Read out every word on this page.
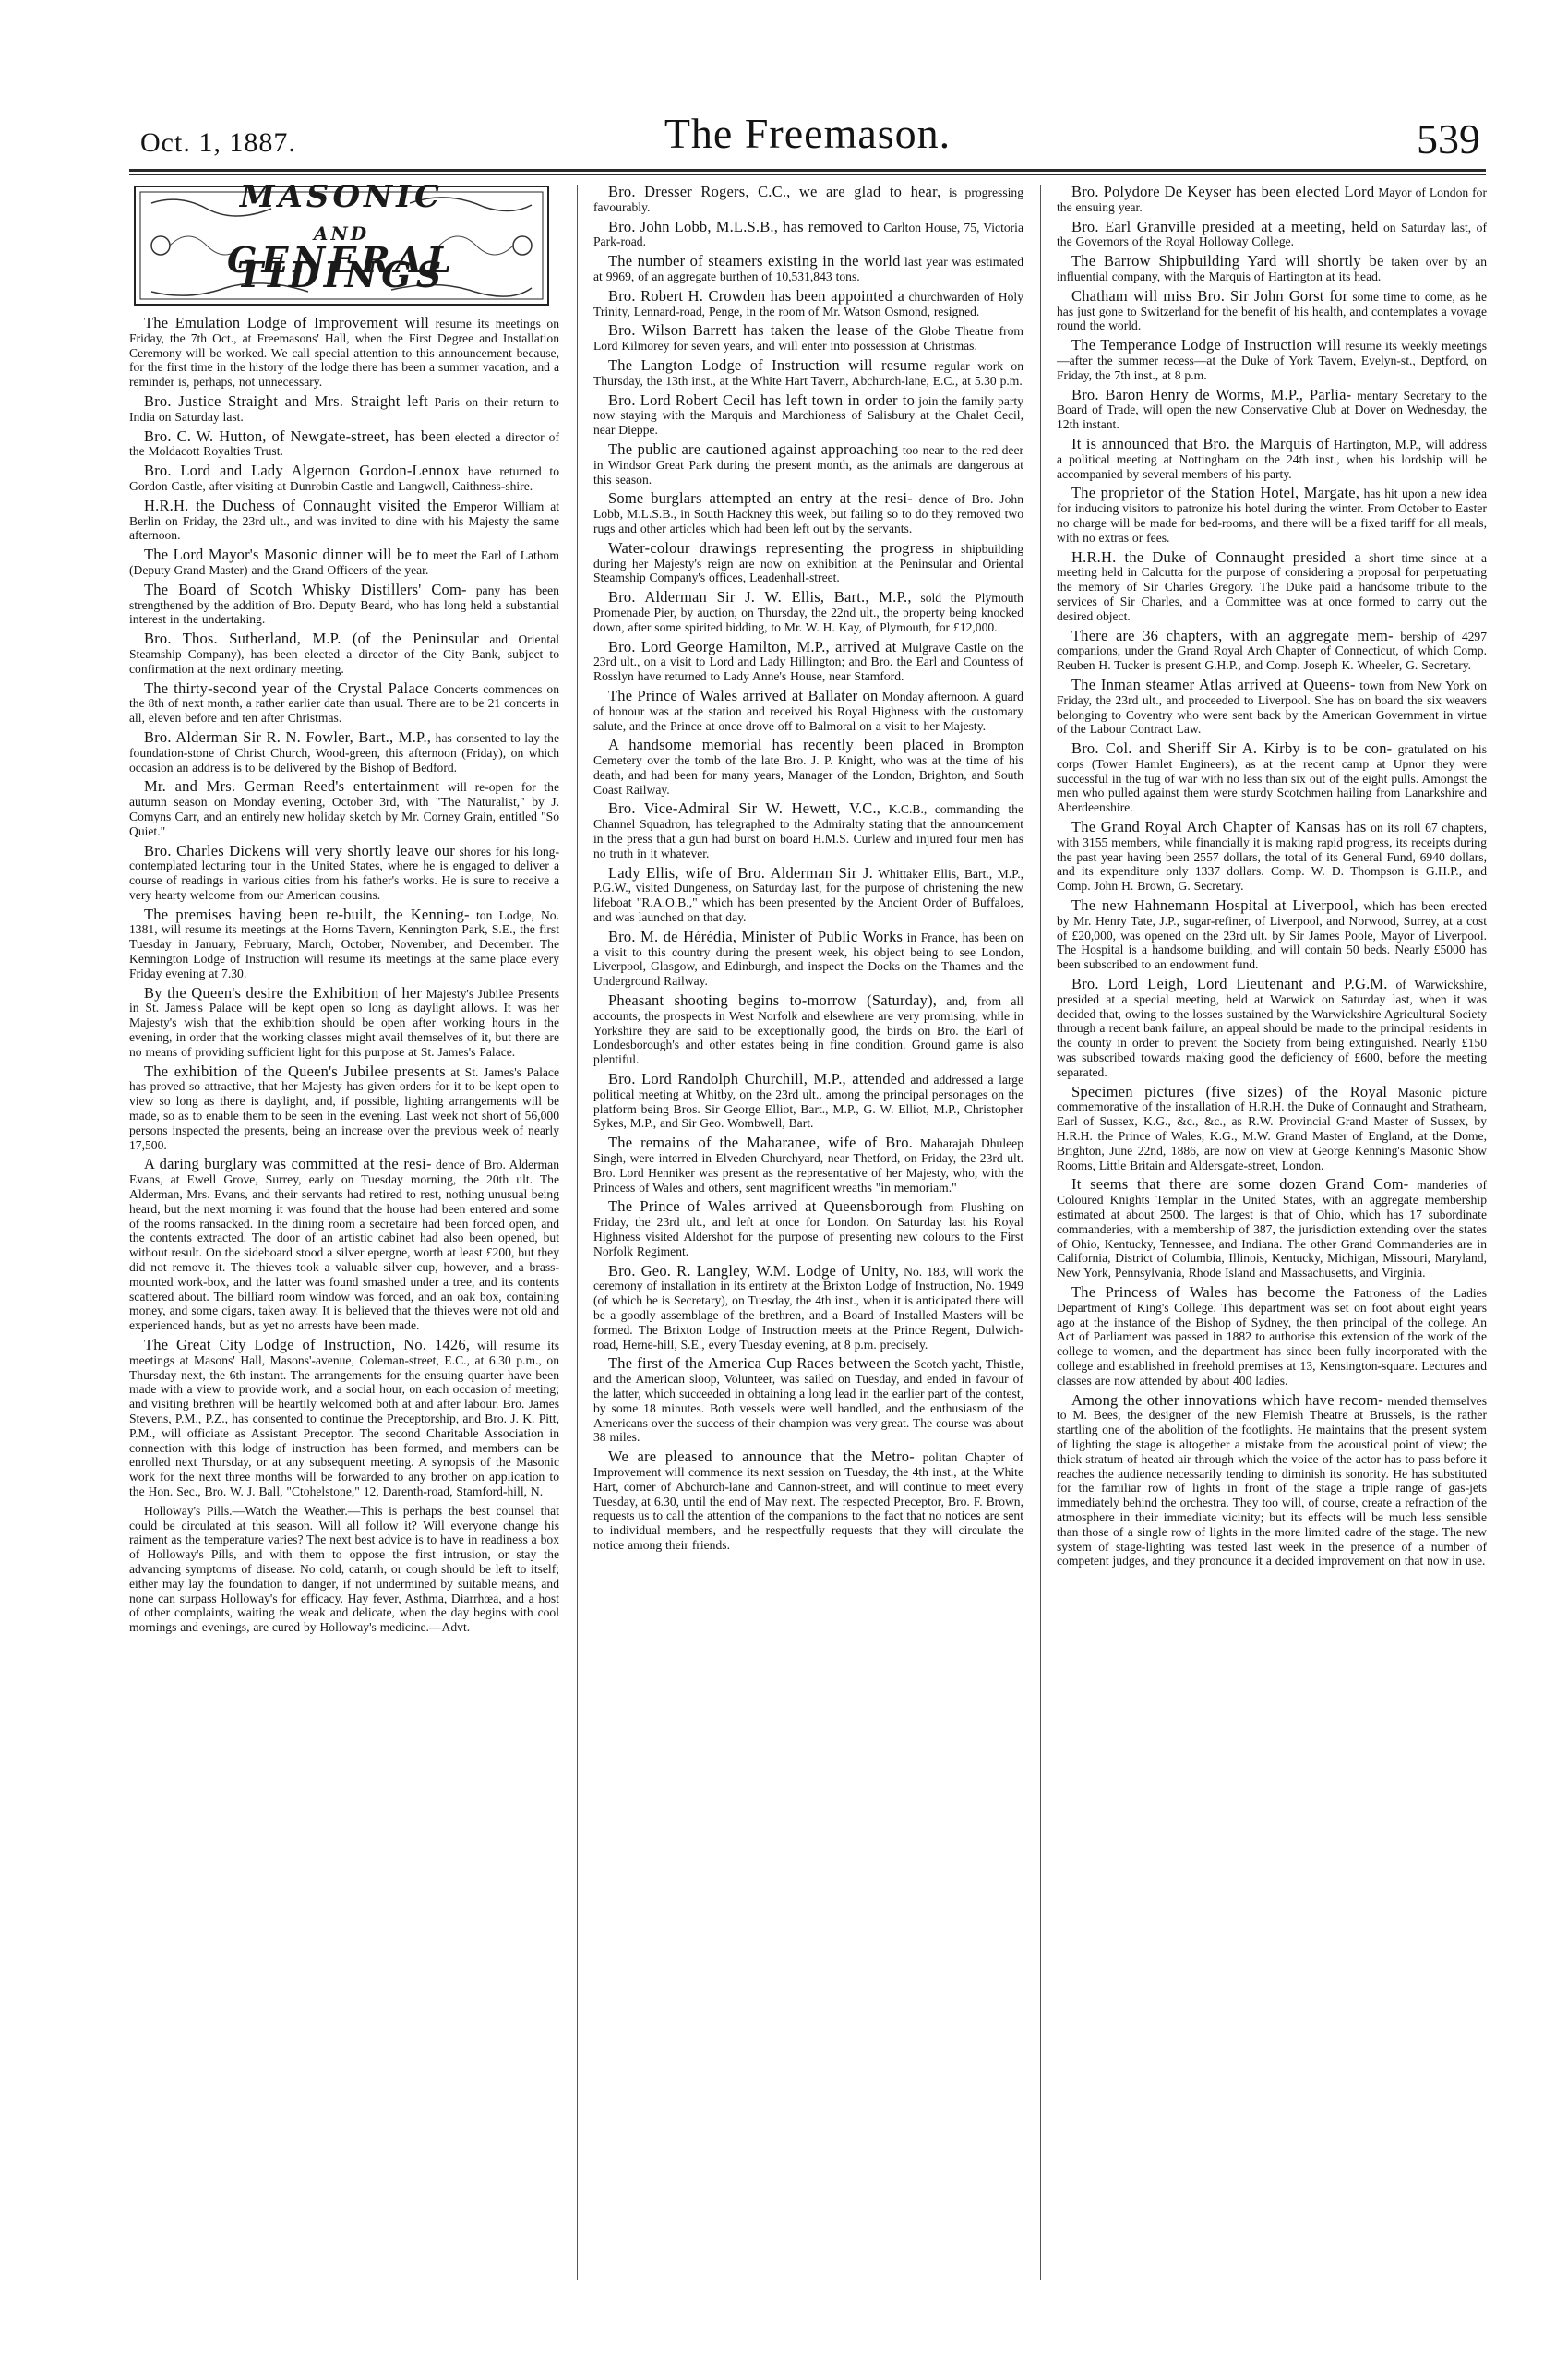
Oct. 1, 1887.	The Freemason.	539
MASONIC
AND
GENERAL TIDINGS

The Emulation Lodge of Improvement will resume its meetings on Friday, the 7th Oct., at Freemasons' Hall, when the First Degree and Installation Ceremony will be worked. We call special attention to this announcement because, for the first time in the history of the lodge there has been a summer vacation, and a reminder is, perhaps, not unnecessary.

Bro. Justice Straight and Mrs. Straight left Paris on their return to India on Saturday last.

Bro. C. W. Hutton, of Newgate-street, has been elected a director of the Moldacott Royalties Trust.

Bro. Lord and Lady Algernon Gordon-Lennox have returned to Gordon Castle, after visiting at Dunrobin Castle and Langwell, Caithness-shire.

H.R.H. the Duchess of Connaught visited the Emperor William at Berlin on Friday, the 23rd ult., and was invited to dine with his Majesty the same afternoon.

The Lord Mayor's Masonic dinner will be to meet the Earl of Lathom (Deputy Grand Master) and the Grand Officers of the year.

The Board of Scotch Whisky Distillers' Com- pany has been strengthened by the addition of Bro. Deputy Beard, who has long held a substantial interest in the undertaking.

Bro. Thos. Sutherland, M.P. (of the Peninsular and Oriental Steamship Company), has been elected a director of the City Bank, subject to confirmation at the next ordinary meeting.

The thirty-second year of the Crystal Palace Concerts commences on the 8th of next month, a rather earlier date than usual. There are to be 21 concerts in all, eleven before and ten after Christmas.

Bro. Alderman Sir R. N. Fowler, Bart., M.P., has consented to lay the foundation-stone of Christ Church, Wood-green, this afternoon (Friday), on which occasion an address is to be delivered by the Bishop of Bedford.

Mr. and Mrs. German Reed's entertainment will re-open for the autumn season on Monday evening, October 3rd, with "The Naturalist," by J. Comyns Carr, and an entirely new holiday sketch by Mr. Corney Grain, entitled "So Quiet."

Bro. Charles Dickens will very shortly leave our shores for his long-contemplated lecturing tour in the United States, where he is engaged to deliver a course of readings in various cities from his father's works. He is sure to receive a very hearty welcome from our American cousins.

The premises having been re-built, the Kenning- ton Lodge, No. 1381, will resume its meetings at the Horns Tavern, Kennington Park, S.E., the first Tuesday in January, February, March, October, November, and December. The Kennington Lodge of Instruction will resume its meetings at the same place every Friday evening at 7.30.

By the Queen's desire the Exhibition of her Majesty's Jubilee Presents in St. James's Palace will be kept open so long as daylight allows. It was her Majesty's wish that the exhibition should be open after working hours in the evening, in order that the working classes might avail themselves of it, but there are no means of providing sufficient light for this purpose at St. James's Palace.

The exhibition of the Queen's Jubilee presents at St. James's Palace has proved so attractive, that her Majesty has given orders for it to be kept open to view so long as there is daylight, and, if possible, lighting arrangements will be made, so as to enable them to be seen in the evening. Last week not short of 56,000 persons inspected the presents, being an increase over the previous week of nearly 17,500.

A daring burglary was committed at the resi- dence of Bro. Alderman Evans, at Ewell Grove, Surrey, early on Tuesday morning, the 20th ult. The Alderman, Mrs. Evans, and their servants had retired to rest, nothing unusual being heard, but the next morning it was found that the house had been entered and some of the rooms ransacked. In the dining room a secretaire had been forced open, and the contents extracted. The door of an artistic cabinet had also been opened, but without result. On the sideboard stood a silver epergne, worth at least £200, but they did not remove it. The thieves took a valuable silver cup, however, and a brass-mounted work-box, and the latter was found smashed under a tree, and its contents scattered about. The billiard room window was forced, and an oak box, containing money, and some cigars, taken away. It is believed that the thieves were not old and experienced hands, but as yet no arrests have been made.

The Great City Lodge of Instruction, No. 1426, will resume its meetings at Masons' Hall, Masons'-avenue, Coleman-street, E.C., at 6.30 p.m., on Thursday next, the 6th instant. The arrangements for the ensuing quarter have been made with a view to provide work, and a social hour, on each occasion of meeting; and visiting brethren will be heartily welcomed both at and after labour. Bro. James Stevens, P.M., P.Z., has consented to continue the Preceptorship, and Bro. J. K. Pitt, P.M., will officiate as Assistant Preceptor. The second Charitable Association in connection with this lodge of instruction has been formed, and members can be enrolled next Thursday, or at any subsequent meeting. A synopsis of the Masonic work for the next three months will be forwarded to any brother on application to the Hon. Sec., Bro. W. J. Ball, "Ctohelstone," 12, Darenth-road, Stamford-hill, N.

Holloway's Pills.—Watch the Weather.—This is perhaps the best counsel that could be circulated at this season. Will all follow it? Will everyone change his raiment as the temperature varies? The next best advice is to have in readiness a box of Holloway's Pills, and with them to oppose the first intrusion, or stay the advancing symptoms of disease. No cold, catarrh, or cough should be left to itself; either may lay the foundation to danger, if not undermined by suitable means, and none can surpass Holloway's for efficacy. Hay fever, Asthma, Diarrhœa, and a host of other complaints, waiting the weak and delicate, when the day begins with cool mornings and evenings, are cured by Holloway's medicine.—Advt.

Bro. Dresser Rogers, C.C., we are glad to hear, is progressing favourably.

Bro. John Lobb, M.L.S.B., has removed to Carlton House, 75, Victoria Park-road.

The number of steamers existing in the world last year was estimated at 9969, of an aggregate burthen of 10,531,843 tons.

Bro. Robert H. Crowden has been appointed a churchwarden of Holy Trinity, Lennard-road, Penge, in the room of Mr. Watson Osmond, resigned.

Bro. Wilson Barrett has taken the lease of the Globe Theatre from Lord Kilmorey for seven years, and will enter into possession at Christmas.

The Langton Lodge of Instruction will resume regular work on Thursday, the 13th inst., at the White Hart Tavern, Abchurch-lane, E.C., at 5.30 p.m.

Bro. Lord Robert Cecil has left town in order to join the family party now staying with the Marquis and Marchioness of Salisbury at the Chalet Cecil, near Dieppe.

The public are cautioned against approaching too near to the red deer in Windsor Great Park during the present month, as the animals are dangerous at this season.

Some burglars attempted an entry at the resi- dence of Bro. John Lobb, M.L.S.B., in South Hackney this week, but failing so to do they removed two rugs and other articles which had been left out by the servants.

Water-colour drawings representing the progress in shipbuilding during her Majesty's reign are now on exhibition at the Peninsular and Oriental Steamship Company's offices, Leadenhall-street.

Bro. Alderman Sir J. W. Ellis, Bart., M.P., sold the Plymouth Promenade Pier, by auction, on Thursday, the 22nd ult., the property being knocked down, after some spirited bidding, to Mr. W. H. Kay, of Plymouth, for £12,000.

Bro. Lord George Hamilton, M.P., arrived at Mulgrave Castle on the 23rd ult., on a visit to Lord and Lady Hillington; and Bro. the Earl and Countess of Rosslyn have returned to Lady Anne's House, near Stamford.

The Prince of Wales arrived at Ballater on Monday afternoon. A guard of honour was at the station and received his Royal Highness with the customary salute, and the Prince at once drove off to Balmoral on a visit to her Majesty.

A handsome memorial has recently been placed in Brompton Cemetery over the tomb of the late Bro. J. P. Knight, who was at the time of his death, and had been for many years, Manager of the London, Brighton, and South Coast Railway.

Bro. Vice-Admiral Sir W. Hewett, V.C., K.C.B., commanding the Channel Squadron, has telegraphed to the Admiralty stating that the announcement in the press that a gun had burst on board H.M.S. Curlew and injured four men has no truth in it whatever.

Lady Ellis, wife of Bro. Alderman Sir J. Whittaker Ellis, Bart., M.P., P.G.W., visited Dungeness, on Saturday last, for the purpose of christening the new lifeboat "R.A.O.B.," which has been presented by the Ancient Order of Buffaloes, and was launched on that day.

Bro. M. de Hérédia, Minister of Public Works in France, has been on a visit to this country during the present week, his object being to see London, Liverpool, Glasgow, and Edinburgh, and inspect the Docks on the Thames and the Underground Railway.

Pheasant shooting begins to-morrow (Saturday), and, from all accounts, the prospects in West Norfolk and elsewhere are very promising, while in Yorkshire they are said to be exceptionally good, the birds on Bro. the Earl of Londesborough's and other estates being in fine condition. Ground game is also plentiful.

Bro. Lord Randolph Churchill, M.P., attended and addressed a large political meeting at Whitby, on the 23rd ult., among the principal personages on the platform being Bros. Sir George Elliot, Bart., M.P., G. W. Elliot, M.P., Christopher Sykes, M.P., and Sir Geo. Wombwell, Bart.

The remains of the Maharanee, wife of Bro. Maharajah Dhuleep Singh, were interred in Elveden Churchyard, near Thetford, on Friday, the 23rd ult. Bro. Lord Henniker was present as the representative of her Majesty, who, with the Princess of Wales and others, sent magnificent wreaths "in memoriam."

The Prince of Wales arrived at Queensborough from Flushing on Friday, the 23rd ult., and left at once for London. On Saturday last his Royal Highness visited Aldershot for the purpose of presenting new colours to the First Norfolk Regiment.

Bro. Geo. R. Langley, W.M. Lodge of Unity, No. 183, will work the ceremony of installation in its entirety at the Brixton Lodge of Instruction, No. 1949 (of which he is Secretary), on Tuesday, the 4th inst., when it is anticipated there will be a goodly assemblage of the brethren, and a Board of Installed Masters will be formed. The Brixton Lodge of Instruction meets at the Prince Regent, Dulwich-road, Herne-hill, S.E., every Tuesday evening, at 8 p.m. precisely.

The first of the America Cup Races between the Scotch yacht, Thistle, and the American sloop, Volunteer, was sailed on Tuesday, and ended in favour of the latter, which succeeded in obtaining a long lead in the earlier part of the contest, by some 18 minutes. Both vessels were well handled, and the enthusiasm of the Americans over the success of their champion was very great. The course was about 38 miles.

We are pleased to announce that the Metro- politan Chapter of Improvement will commence its next session on Tuesday, the 4th inst., at the White Hart, corner of Abchurch-lane and Cannon-street, and will continue to meet every Tuesday, at 6.30, until the end of May next. The respected Preceptor, Bro. F. Brown, requests us to call the attention of the companions to the fact that no notices are sent to individual members, and he respectfully requests that they will circulate the notice among their friends.

Bro. Polydore De Keyser has been elected Lord Mayor of London for the ensuing year.

Bro. Earl Granville presided at a meeting, held on Saturday last, of the Governors of the Royal Holloway College.

The Barrow Shipbuilding Yard will shortly be taken over by an influential company, with the Marquis of Hartington at its head.

Chatham will miss Bro. Sir John Gorst for some time to come, as he has just gone to Switzerland for the benefit of his health, and contemplates a voyage round the world.

The Temperance Lodge of Instruction will resume its weekly meetings—after the summer recess—at the Duke of York Tavern, Evelyn-st., Deptford, on Friday, the 7th inst., at 8 p.m.

Bro. Baron Henry de Worms, M.P., Parlia- mentary Secretary to the Board of Trade, will open the new Conservative Club at Dover on Wednesday, the 12th instant.

It is announced that Bro. the Marquis of Hartington, M.P., will address a political meeting at Nottingham on the 24th inst., when his lordship will be accompanied by several members of his party.

The proprietor of the Station Hotel, Margate, has hit upon a new idea for inducing visitors to patronize his hotel during the winter. From October to Easter no charge will be made for bed-rooms, and there will be a fixed tariff for all meals, with no extras or fees.

H.R.H. the Duke of Connaught presided a short time since at a meeting held in Calcutta for the purpose of considering a proposal for perpetuating the memory of Sir Charles Gregory. The Duke paid a handsome tribute to the services of Sir Charles, and a Committee was at once formed to carry out the desired object.

There are 36 chapters, with an aggregate mem- bership of 4297 companions, under the Grand Royal Arch Chapter of Connecticut, of which Comp. Reuben H. Tucker is present G.H.P., and Comp. Joseph K. Wheeler, G. Secretary.

The Inman steamer Atlas arrived at Queens- town from New York on Friday, the 23rd ult., and proceeded to Liverpool. She has on board the six weavers belonging to Coventry who were sent back by the American Government in virtue of the Labour Contract Law.

Bro. Col. and Sheriff Sir A. Kirby is to be con- gratulated on his corps (Tower Hamlet Engineers), as at the recent camp at Upnor they were successful in the tug of war with no less than six out of the eight pulls. Amongst the men who pulled against them were sturdy Scotchmen hailing from Lanarkshire and Aberdeenshire.

The Grand Royal Arch Chapter of Kansas has on its roll 67 chapters, with 3155 members, while financially it is making rapid progress, its receipts during the past year having been 2557 dollars, the total of its General Fund, 6940 dollars, and its expenditure only 1337 dollars. Comp. W. D. Thompson is G.H.P., and Comp. John H. Brown, G. Secretary.

The new Hahnemann Hospital at Liverpool, which has been erected by Mr. Henry Tate, J.P., sugar-refiner, of Liverpool, and Norwood, Surrey, at a cost of £20,000, was opened on the 23rd ult. by Sir James Poole, Mayor of Liverpool. The Hospital is a handsome building, and will contain 50 beds. Nearly £5000 has been subscribed to an endowment fund.

Bro. Lord Leigh, Lord Lieutenant and P.G.M. of Warwickshire, presided at a special meeting, held at Warwick on Saturday last, when it was decided that, owing to the losses sustained by the Warwickshire Agricultural Society through a recent bank failure, an appeal should be made to the principal residents in the county in order to prevent the Society from being extinguished. Nearly £150 was subscribed towards making good the deficiency of £600, before the meeting separated.

Specimen pictures (five sizes) of the Royal Masonic picture commemorative of the installation of H.R.H. the Duke of Connaught and Strathearn, Earl of Sussex, K.G., &c., &c., as R.W. Provincial Grand Master of Sussex, by H.R.H. the Prince of Wales, K.G., M.W. Grand Master of England, at the Dome, Brighton, June 22nd, 1886, are now on view at George Kenning's Masonic Show Rooms, Little Britain and Aldersgate-street, London.

It seems that there are some dozen Grand Com- manderies of Coloured Knights Templar in the United States, with an aggregate membership estimated at about 2500. The largest is that of Ohio, which has 17 subordinate commanderies, with a membership of 387, the jurisdiction extending over the states of Ohio, Kentucky, Tennessee, and Indiana. The other Grand Commanderies are in California, District of Columbia, Illinois, Kentucky, Michigan, Missouri, Maryland, New York, Pennsylvania, Rhode Island and Massachusetts, and Virginia.

The Princess of Wales has become the Patroness of the Ladies Department of King's College. This department was set on foot about eight years ago at the instance of the Bishop of Sydney, the then principal of the college. An Act of Parliament was passed in 1882 to authorise this extension of the work of the college to women, and the department has since been fully incorporated with the college and established in freehold premises at 13, Kensington-square. Lectures and classes are now attended by about 400 ladies.

Among the other innovations which have recom- mended themselves to M. Bees, the designer of the new Flemish Theatre at Brussels, is the rather startling one of the abolition of the footlights. He maintains that the present system of lighting the stage is altogether a mistake from the acoustical point of view; the thick stratum of heated air through which the voice of the actor has to pass before it reaches the audience necessarily tending to diminish its sonority. He has substituted for the familiar row of lights in front of the stage a triple range of gas-jets immediately behind the orchestra. They too will, of course, create a refraction of the atmosphere in their immediate vicinity; but its effects will be much less sensible than those of a single row of lights in the more limited cadre of the stage. The new system of stage-lighting was tested last week in the presence of a number of competent judges, and they pronounce it a decided improvement on that now in use.
